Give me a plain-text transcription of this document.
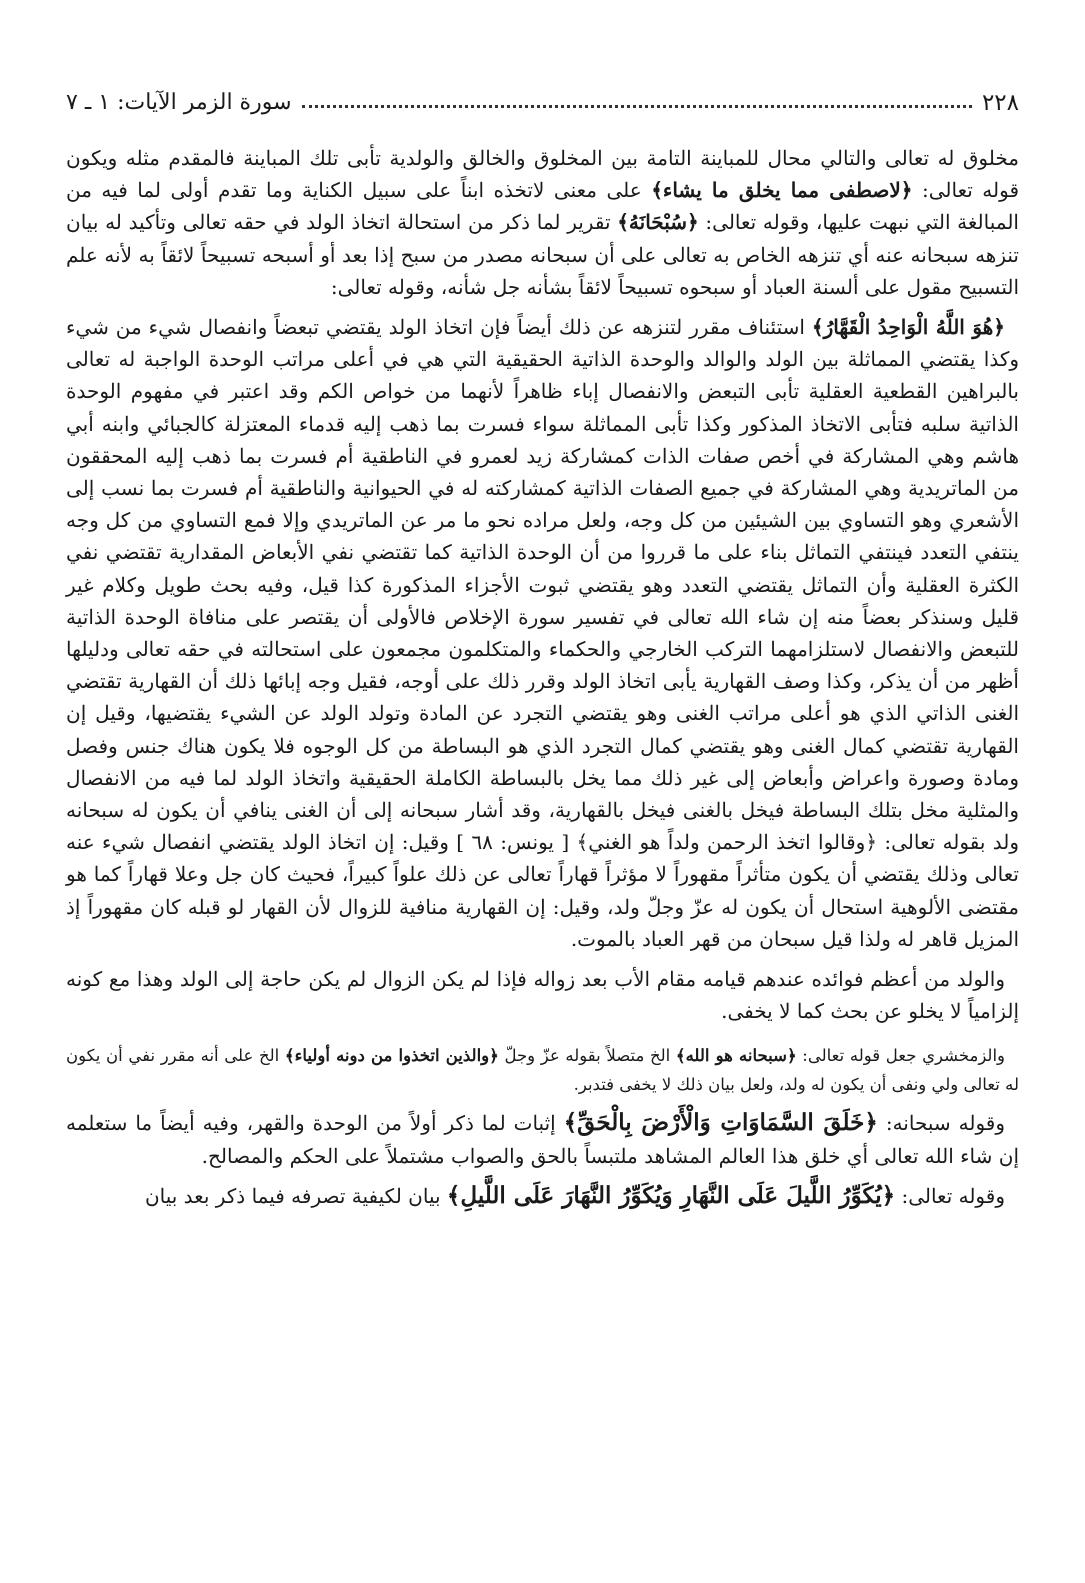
٢٢٨
سورة الزمر الآيات: ١ ـ ٧

مخلوق له تعالى والتالي محال للمباينة التامة بين المخلوق والخالق والولدية تأبى تلك المباينة فالمقدم مثله ويكون قوله تعالى: ﴿لاصطفى مما يخلق ما يشاء﴾ على معنى لاتخذه ابناً على سبيل الكناية وما تقدم أولى لما فيه من المبالغة التي نبهت عليها، وقوله تعالى: ﴿سُبْحَانَهُ﴾ تقرير لما ذكر من استحالة اتخاذ الولد في حقه تعالى وتأكيد له بيان تنزهه سبحانه عنه أي تنزهه الخاص به تعالى على أن سبحانه مصدر من سبح إذا بعد أو أسبحه تسبيحاً لائقاً به لأنه علم التسبيح مقول على ألسنة العباد أو سبحوه تسبيحاً لائقاً بشأنه جل شأنه، وقوله تعالى:

﴿هُوَ اللَّهُ الْوَاحِدُ الْقَهَّارُ﴾ استئناف مقرر لتنزهه عن ذلك أيضاً فإن اتخاذ الولد يقتضي تبعضاً وانفصال شيء من شيء وكذا يقتضي المماثلة بين الولد والوالد والوحدة الذاتية الحقيقية التي هي في أعلى مراتب الوحدة الواجبة له تعالى بالبراهين القطعية العقلية تأبى التبعض والانفصال إباء ظاهراً لأنهما من خواص الكم وقد اعتبر في مفهوم الوحدة الذاتية سلبه فتأبى الاتخاذ المذكور وكذا تأبى المماثلة سواء فسرت بما ذهب إليه قدماء المعتزلة كالجبائي وابنه أبي هاشم وهي المشاركة في أخص صفات الذات كمشاركة زيد لعمرو في الناطقية أم فسرت بما ذهب إليه المحققون من الماتريدية وهي المشاركة في جميع الصفات الذاتية كمشاركته له في الحيوانية والناطقية أم فسرت بما نسب إلى الأشعري وهو التساوي بين الشيئين من كل وجه، ولعل مراده نحو ما مر عن الماتريدي وإلا فمع التساوي من كل وجه ينتفي التعدد فينتفي التماثل بناء على ما قرروا من أن الوحدة الذاتية كما تقتضي نفي الأبعاض المقدارية تقتضي نفي الكثرة العقلية وأن التماثل يقتضي التعدد وهو يقتضي ثبوت الأجزاء المذكورة كذا قيل، وفيه بحث طويل وكلام غير قليل وسنذكر بعضاً منه إن شاء الله تعالى في تفسير سورة الإخلاص فالأولى أن يقتصر على منافاة الوحدة الذاتية للتبعض والانفصال لاستلزامهما التركب الخارجي والحكماء والمتكلمون مجمعون على استحالته في حقه تعالى ودليلها أظهر من أن يذكر، وكذا وصف القهارية يأبى اتخاذ الولد وقرر ذلك على أوجه، فقيل وجه إبائها ذلك أن القهارية تقتضي الغنى الذاتي الذي هو أعلى مراتب الغنى وهو يقتضي التجرد عن المادة وتولد الولد عن الشيء يقتضيها، وقيل إن القهارية تقتضي كمال الغنى وهو يقتضي كمال التجرد الذي هو البساطة من كل الوجوه فلا يكون هناك جنس وفصل ومادة وصورة واعراض وأبعاض إلى غير ذلك مما يخل بالبساطة الكاملة الحقيقية واتخاذ الولد لما فيه من الانفصال والمثلية مخل بتلك البساطة فيخل بالغنى فيخل بالقهارية، وقد أشار سبحانه إلى أن الغنى ينافي أن يكون له سبحانه ولد بقوله تعالى: ﴿وقالوا اتخذ الرحمن ولداً هو الغني﴾ [ يونس: ٦٨ ] وقيل: إن اتخاذ الولد يقتضي انفصال شيء عنه تعالى وذلك يقتضي أن يكون متأثراً مقهوراً لا مؤثراً قهاراً تعالى عن ذلك علواً كبيراً، فحيث كان جل وعلا قهاراً كما هو مقتضى الألوهية استحال أن يكون له عزّ وجلّ ولد، وقيل: إن القهارية منافية للزوال لأن القهار لو قبله كان مقهوراً إذ المزيل قاهر له ولذا قيل سبحان من قهر العباد بالموت.

والولد من أعظم فوائده عندهم قيامه مقام الأب بعد زواله فإذا لم يكن الزوال لم يكن حاجة إلى الولد وهذا مع كونه إلزامياً لا يخلو عن بحث كما لا يخفى.

والزمخشري جعل قوله تعالى: ﴿سبحانه هو الله﴾ الخ متصلاً بقوله عزّ وجلّ ﴿والذين اتخذوا من دونه أولياء﴾ الخ على أنه مقرر نفي أن يكون له تعالى ولي ونفى أن يكون له ولد، ولعل بيان ذلك لا يخفى فتدبر.

وقوله سبحانه: ﴿خَلَقَ السَّمَاوَاتِ وَالْأَرْضَ بِالْحَقِّ﴾ إثبات لما ذكر أولاً من الوحدة والقهر، وفيه أيضاً ما ستعلمه إن شاء الله تعالى أي خلق هذا العالم المشاهد ملتبساً بالحق والصواب مشتملاً على الحكم والمصالح.

وقوله تعالى: ﴿يُكَوِّرُ اللَّيلَ عَلَى النَّهَارِ وَيُكَوِّرُ النَّهَارَ عَلَى اللَّيلِ﴾ بيان لكيفية تصرفه فيما ذكر بعد بيان
